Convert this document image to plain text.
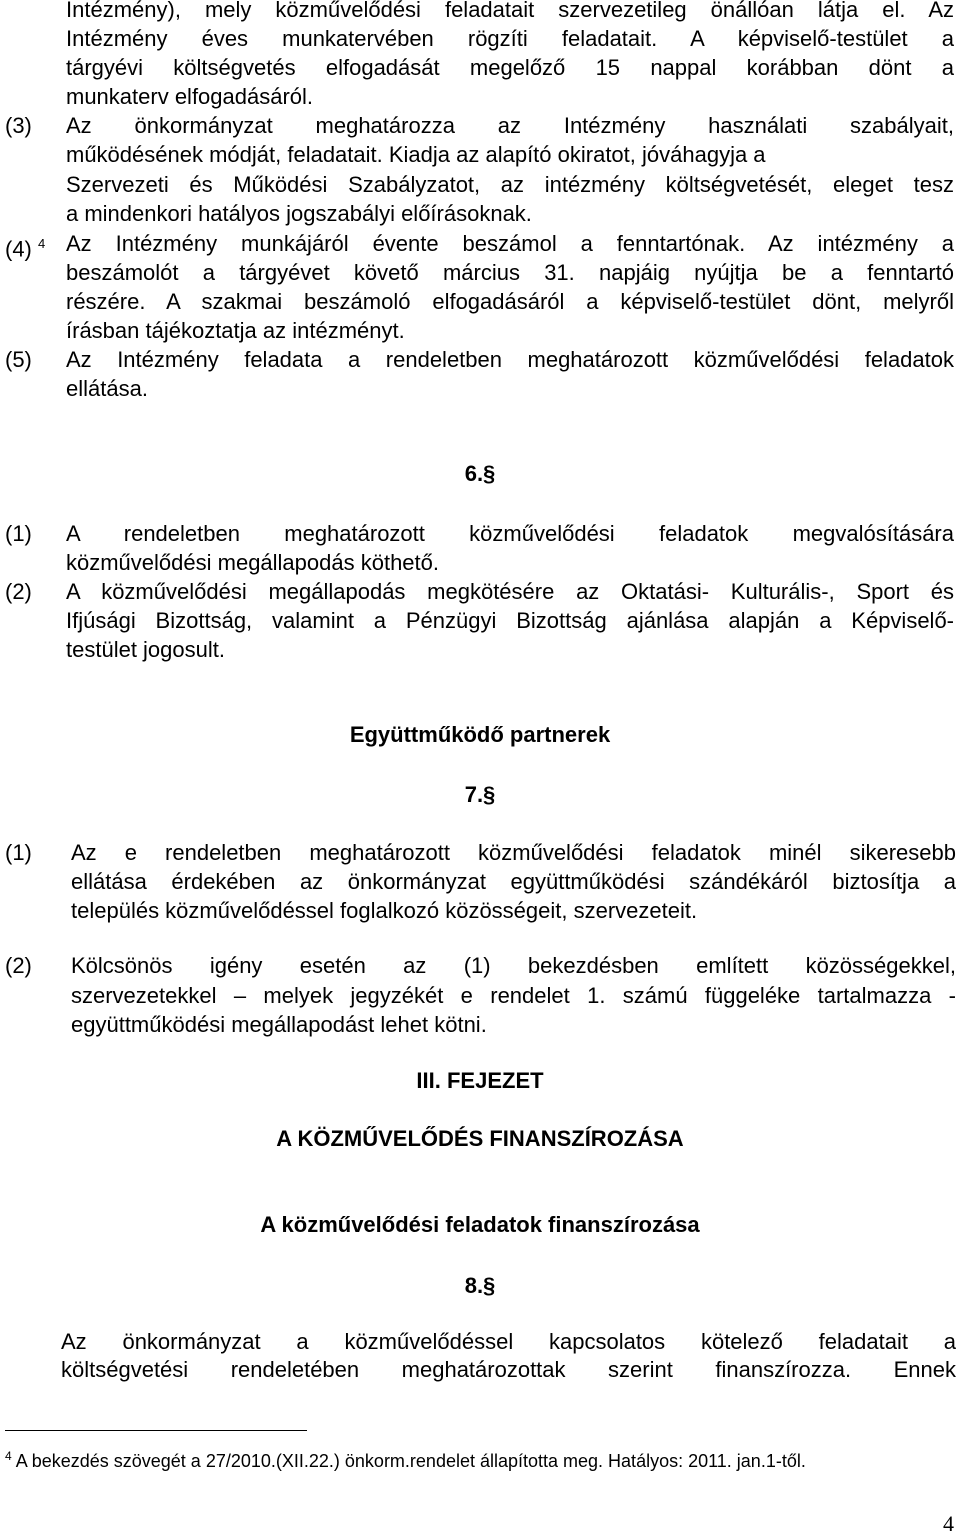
Intézmény), mely közművelődési feladatait szervezetileg önállóan látja el. Az
Intézmény éves munkatervében rögzíti feladatait. A képviselő-testület a
tárgyévi költségvetés elfogadását megelőző 15 nappal korábban dönt a
munkaterv elfogadásáról.
(3) Az önkormányzat meghatározza az Intézmény használati szabályait,
működésének módját, feladatait. Kiadja az alapító okiratot, jóváhagyja a
Szervezeti és Működési Szabályzatot, az intézmény költségvetését, eleget tesz
a mindenkori hatályos jogszabályi előírásoknak.
(4) $^4$ Az Intézmény munkájáról évente beszámol a fenntartónak. Az intézmény a
beszámolót a tárgyévet követő március 31. napjáig nyújtja be a fenntartó
részére. A szakmai beszámoló elfogadásáról a képviselő-testület dönt, melyről
írásban tájékoztatja az intézményt.
(5) Az Intézmény feladata a rendeletben meghatározott közművelődési feladatok
ellátása.
6.§
(1) A rendeletben meghatározott közművelődési feladatok megvalósítására
közművelődési megállapodás köthető.
(2) A közművelődési megállapodás megkötésére az Oktatási- Kulturális-, Sport és
Ifjúsági Bizottság, valamint a Pénzügyi Bizottság ajánlása alapján a Képviselő-
testület jogosult.
Együttműködő partnerek
7.§
(1) Az e rendeletben meghatározott közművelődési feladatok minél sikeresebb
ellátása érdekében az önkormányzat együttműködési szándékáról biztosítja a
település közművelődéssel foglalkozó közösségeit, szervezeteit.
(2) Kölcsönös igény esetén az (1) bekezdésben említett közösségekkel,
szervezetekkel – melyek jegyzékét e rendelet 1. számú függeléke tartalmazza -
együttműködési megállapodást lehet kötni.
III. FEJEZET
A KÖZMŰVELŐDÉS FINANSZÍROZÁSA
A közművelődési feladatok finanszírozása
8.§
Az önkormányzat a közművelődéssel kapcsolatos kötelező feladatait a
költségvetési rendeletében meghatározottak szerint finanszírozza. Ennek
$^4$ A bekezdés szövegét a 27/2010.(XII.22.) önkorm.rendelet állapította meg. Hatályos: 2011. jan.1-től.
4
